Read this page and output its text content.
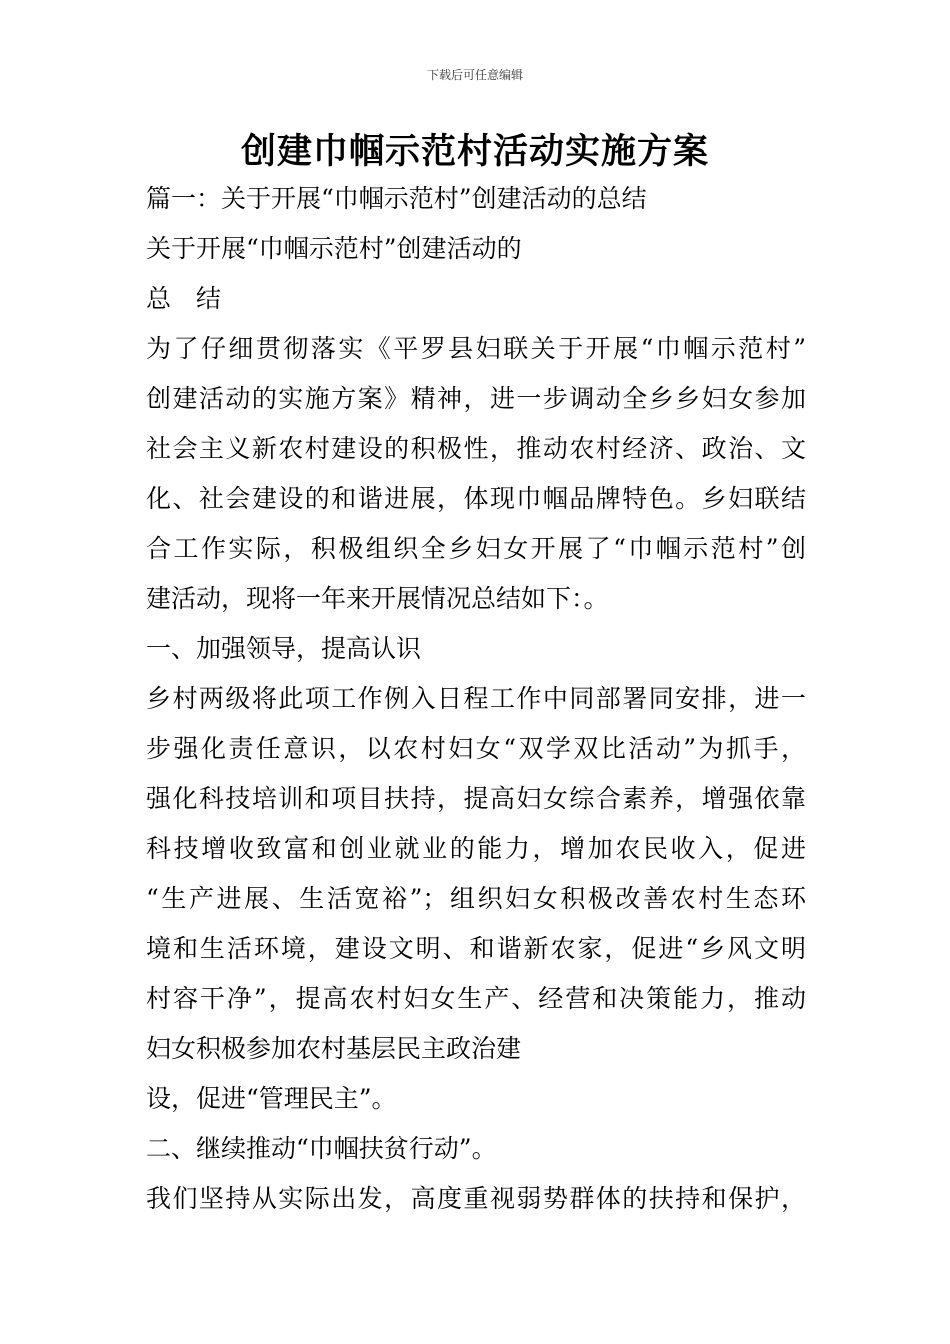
下载后可任意编辑
创建巾帼示范村活动实施方案
篇一：关于开展“巾帼示范村”创建活动的总结
关于开展“巾帼示范村”创建活动的
总　结
为了仔细贯彻落实《平罗县妇联关于开展“巾帼示范村”
创建活动的实施方案》精神，进一步调动全乡乡妇女参加
社会主义新农村建设的积极性，推动农村经济、政治、文
化、社会建设的和谐进展，体现巾帼品牌特色。乡妇联结
合工作实际，积极组织全乡妇女开展了“巾帼示范村”创
建活动，现将一年来开展情况总结如下：。
一、加强领导，提高认识
乡村两级将此项工作例入日程工作中同部署同安排，进一
步强化责任意识，以农村妇女“双学双比活动”为抓手，
强化科技培训和项目扶持，提高妇女综合素养，增强依靠
科技增收致富和创业就业的能力，增加农民收入，促进
“生产进展、生活宽裕”；组织妇女积极改善农村生态环
境和生活环境，建设文明、和谐新农家，促进“乡风文明
村容干净”，提高农村妇女生产、经营和决策能力，推动
妇女积极参加农村基层民主政治建
设，促进“管理民主”。
二、继续推动“巾帼扶贫行动”。
我们坚持从实际出发，高度重视弱势群体的扶持和保护，
